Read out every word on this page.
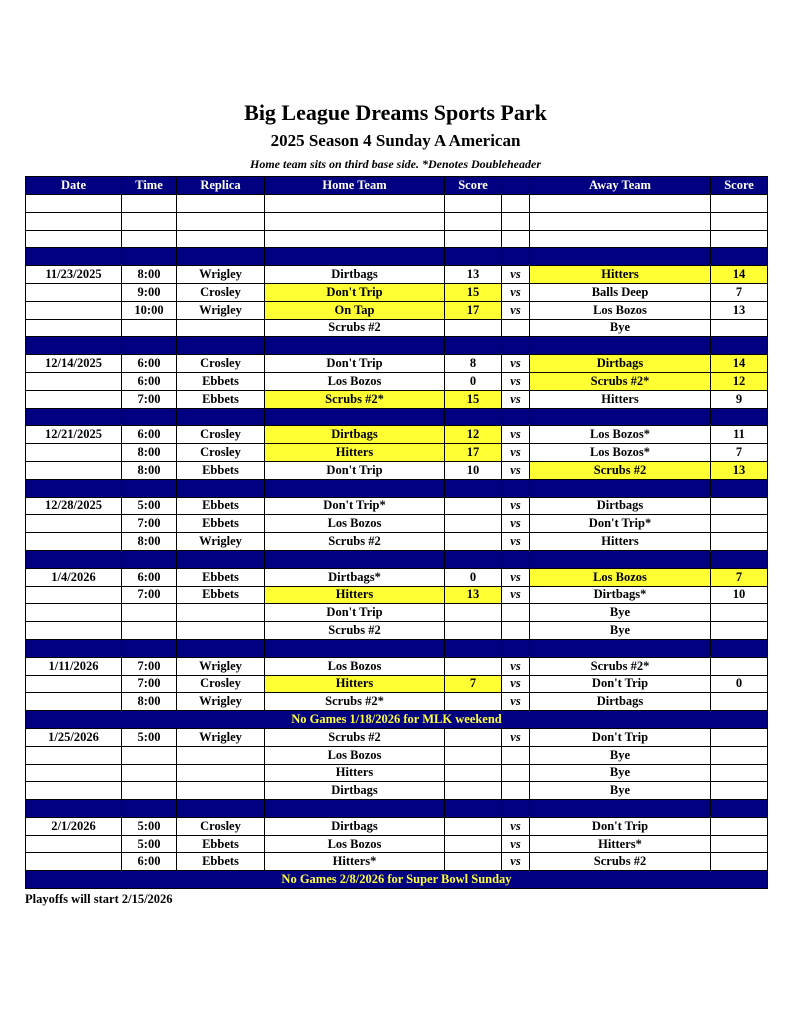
Big League Dreams Sports Park
2025 Season 4 Sunday A American
Home team sits on third base side. *Denotes Doubleheader
Date	Time	Replica	Home Team	Score		Away Team	Score

11/23/2025	8:00	Wrigley	Dirtbags	13	vs	Hitters	14
	9:00	Crosley	Don't Trip	15	vs	Balls Deep	7
	10:00	Wrigley	On Tap	17	vs	Los Bozos	13
			Scrubs #2			Bye	

12/14/2025	6:00	Crosley	Don't Trip	8	vs	Dirtbags	14
	6:00	Ebbets	Los Bozos	0	vs	Scrubs #2*	12
	7:00	Ebbets	Scrubs #2*	15	vs	Hitters	9

12/21/2025	6:00	Crosley	Dirtbags	12	vs	Los Bozos*	11
	8:00	Crosley	Hitters	17	vs	Los Bozos*	7
	8:00	Ebbets	Don't Trip	10	vs	Scrubs #2	13

12/28/2025	5:00	Ebbets	Don't Trip*		vs	Dirtbags	
	7:00	Ebbets	Los Bozos		vs	Don't Trip*	
	8:00	Wrigley	Scrubs #2		vs	Hitters	

1/4/2026	6:00	Ebbets	Dirtbags*	0	vs	Los Bozos	7
	7:00	Ebbets	Hitters	13	vs	Dirtbags*	10
			Don't Trip			Bye	
			Scrubs #2			Bye	

1/11/2026	7:00	Wrigley	Los Bozos		vs	Scrubs #2*	
	7:00	Crosley	Hitters	7	vs	Don't Trip	0
	8:00	Wrigley	Scrubs #2*		vs	Dirtbags	
No Games 1/18/2026 for MLK weekend							
1/25/2026	5:00	Wrigley	Scrubs #2		vs	Don't Trip	
			Los Bozos			Bye	
			Hitters			Bye	
			Dirtbags			Bye	

2/1/2026	5:00	Crosley	Dirtbags		vs	Don't Trip	
	5:00	Ebbets	Los Bozos		vs	Hitters*	
	6:00	Ebbets	Hitters*		vs	Scrubs #2	
No Games 2/8/2026 for Super Bowl Sunday							
Playoffs will start 2/15/2026
